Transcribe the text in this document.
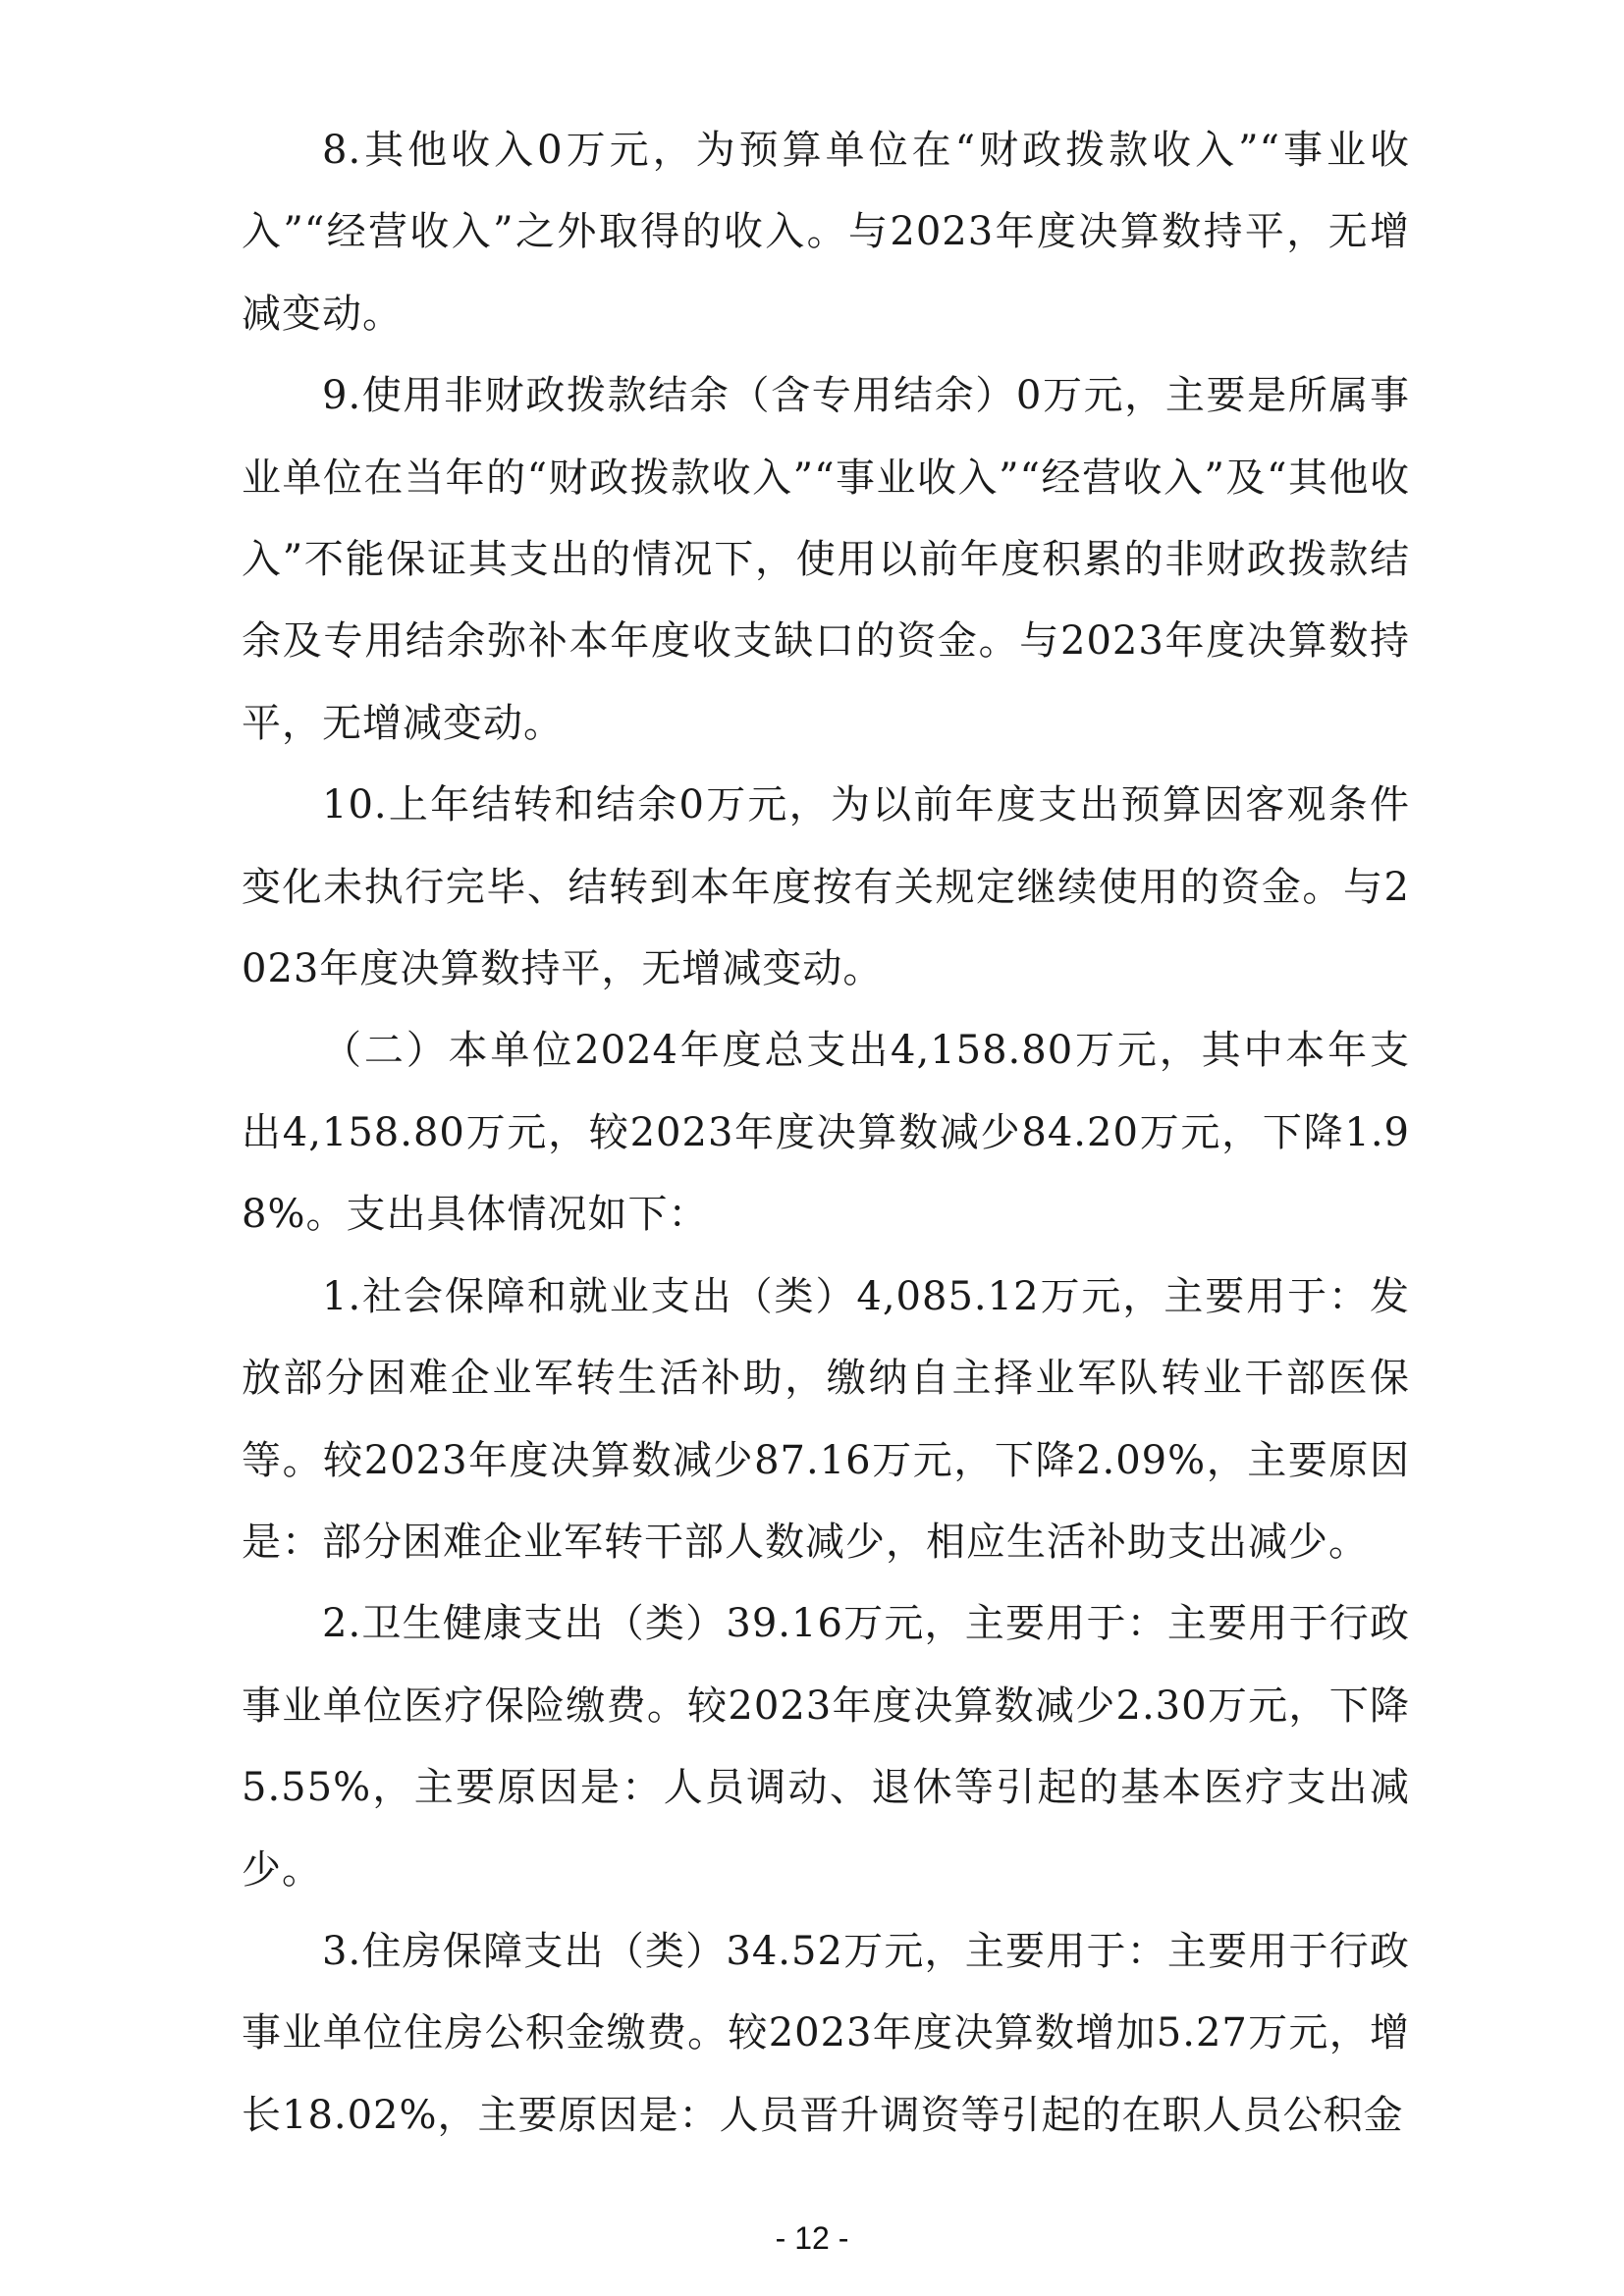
8.其他收入0万元，为预算单位在“财政拨款收入”“事业收入”“经营收入”之外取得的收入。与2023年度决算数持平，无增减变动。

9.使用非财政拨款结余（含专用结余）0万元，主要是所属事业单位在当年的“财政拨款收入”“事业收入”“经营收入”及“其他收入”不能保证其支出的情况下，使用以前年度积累的非财政拨款结余及专用结余弥补本年度收支缺口的资金。与2023年度决算数持平，无增减变动。

10.上年结转和结余0万元，为以前年度支出预算因客观条件变化未执行完毕、结转到本年度按有关规定继续使用的资金。与2023年度决算数持平，无增减变动。

（二）本单位2024年度总支出4,158.80万元，其中本年支出4,158.80万元，较2023年度决算数减少84.20万元，下降1.98%。支出具体情况如下：

1.社会保障和就业支出（类）4,085.12万元，主要用于：发放部分困难企业军转生活补助，缴纳自主择业军队转业干部医保等。较2023年度决算数减少87.16万元，下降2.09%，主要原因是：部分困难企业军转干部人数减少，相应生活补助支出减少。

2.卫生健康支出（类）39.16万元，主要用于：主要用于行政事业单位医疗保险缴费。较2023年度决算数减少2.30万元，下降5.55%，主要原因是：人员调动、退休等引起的基本医疗支出减少。

3.住房保障支出（类）34.52万元，主要用于：主要用于行政事业单位住房公积金缴费。较2023年度决算数增加5.27万元，增长18.02%，主要原因是：人员晋升调资等引起的在职人员公积金

- 12 -
